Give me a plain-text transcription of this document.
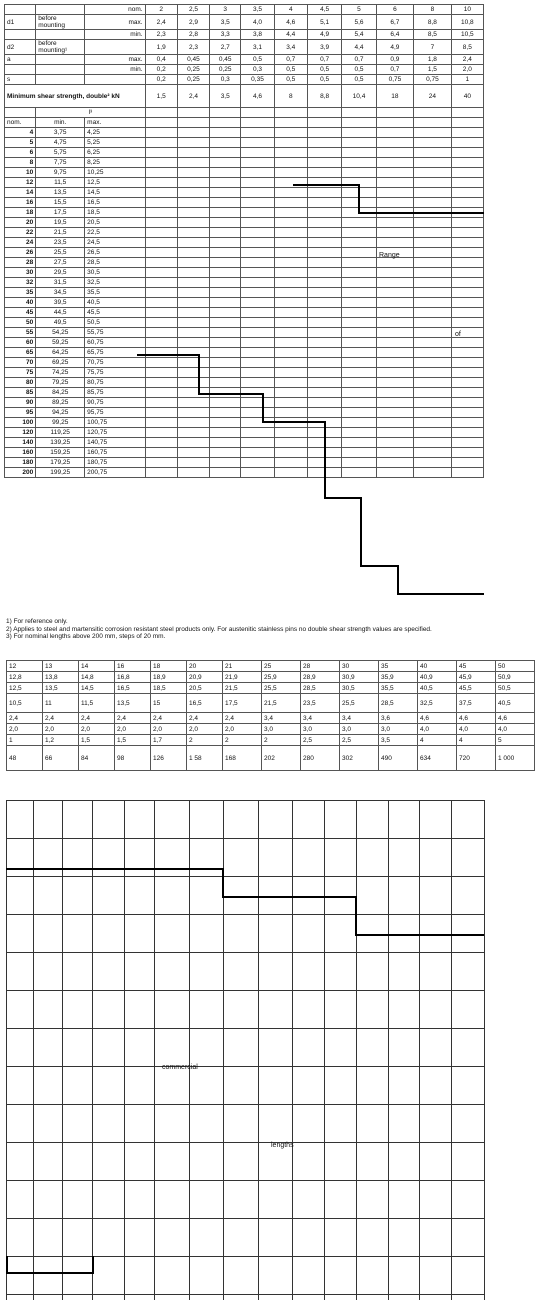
		nom.	2	2,5	3	3,5	4	4,5	5	6	8	10
d1	before mounting	max.	2,4	2,9	3,5	4,0	4,6	5,1	5,6	6,7	8,8	10,8
		min.	2,3	2,8	3,3	3,8	4,4	4,9	5,4	6,4	8,5	10,5
d2	before mounting¹		1,9	2,3	2,7	3,1	3,4	3,9	4,4	4,9	7	8,5
a		max.	0,4	0,45	0,45	0,5	0,7	0,7	0,7	0,9	1,8	2,4
		min.	0,2	0,25	0,25	0,3	0,5	0,5	0,5	0,7	1,5	2,0
s			0,2	0,25	0,3	0,35	0,5	0,5	0,5	0,75	0,75	1
Minimum shear strength, double² kN			1,5	2,4	3,5	4,6	8	8,8	10,4	18	24	40
	l³											
nom.	min.	max.										
4	3,75	4,25										
5	4,75	5,25										
6	5,75	6,25										
8	7,75	8,25										
10	9,75	10,25										
12	11,5	12,5										
14	13,5	14,5										
16	15,5	16,5										
18	17,5	18,5										
20	19,5	20,5										
22	21,5	22,5										
24	23,5	24,5										
26	25,5	26,5										
28	27,5	28,5										
30	29,5	30,5										
32	31,5	32,5										
35	34,5	35,5										
40	39,5	40,5										
45	44,5	45,5										
50	49,5	50,5										
55	54,25	55,75										
60	59,25	60,75										
65	64,25	65,75										
70	69,25	70,75										
75	74,25	75,75										
80	79,25	80,75										
85	84,25	85,75										
90	89,25	90,75										
95	94,25	95,75										
100	99,25	100,75										
120	119,25	120,75										
140	139,25	140,75										
160	159,25	160,75										
180	179,25	180,75										
200	199,25	200,75										
Range
of
1) For reference only.
2) Applies to steel and martensitic corrosion resistant steel products only. For austenitic stainless pins no double shear strength values are specified.
3) For nominal lengths above 200 mm, steps of 20 mm.
12	13	14	16	18	20	21	25	28	30	35	40	45	50
12,8	13,8	14,8	16,8	18,9	20,9	21,9	25,9	28,9	30,9	35,9	40,9	45,9	50,9
12,5	13,5	14,5	16,5	18,5	20,5	21,5	25,5	28,5	30,5	35,5	40,5	45,5	50,5
10,5	11	11,5	13,5	15	16,5	17,5	21,5	23,5	25,5	28,5	32,5	37,5	40,5
2,4	2,4	2,4	2,4	2,4	2,4	2,4	3,4	3,4	3,4	3,6	4,6	4,6	4,6
2,0	2,0	2,0	2,0	2,0	2,0	2,0	3,0	3,0	3,0	3,0	4,0	4,0	4,0
1	1,2	1,5	1,5	1,7	2	2	2	2,5	2,5	3,5	4	4	5
48	66	84	98	126	1 58	168	202	280	302	490	634	720	1 000
commercial
lengths
